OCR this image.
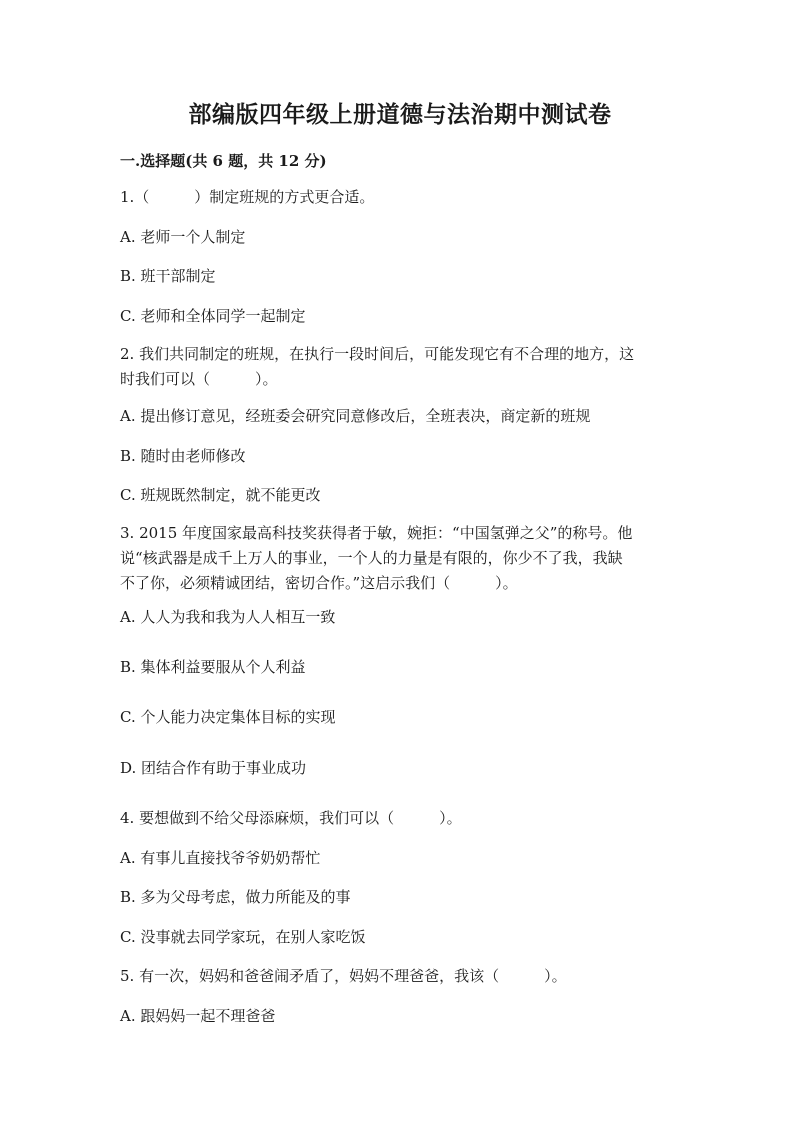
部编版四年级上册道德与法治期中测试卷
一.选择题(共 6 题，共 12 分)
1.（　　　）制定班规的方式更合适。
A. 老师一个人制定
B. 班干部制定
C. 老师和全体同学一起制定
2. 我们共同制定的班规，在执行一段时间后，可能发现它有不合理的地方，这
时我们可以（　　　）。
A. 提出修订意见，经班委会研究同意修改后，全班表决，商定新的班规
B. 随时由老师修改
C. 班规既然制定，就不能更改
3. 2015 年度国家最高科技奖获得者于敏，婉拒：“中国氢弹之父”的称号。他
说“核武器是成千上万人的事业，一个人的力量是有限的，你少不了我，我缺
不了你，必须精诚团结，密切合作。”这启示我们（　　　）。
A. 人人为我和我为人人相互一致
B. 集体利益要服从个人利益
C. 个人能力决定集体目标的实现
D. 团结合作有助于事业成功
4. 要想做到不给父母添麻烦，我们可以（　　　）。
A. 有事儿直接找爷爷奶奶帮忙
B. 多为父母考虑，做力所能及的事
C. 没事就去同学家玩，在别人家吃饭
5. 有一次，妈妈和爸爸闹矛盾了，妈妈不理爸爸，我该（　　　）。
A. 跟妈妈一起不理爸爸
